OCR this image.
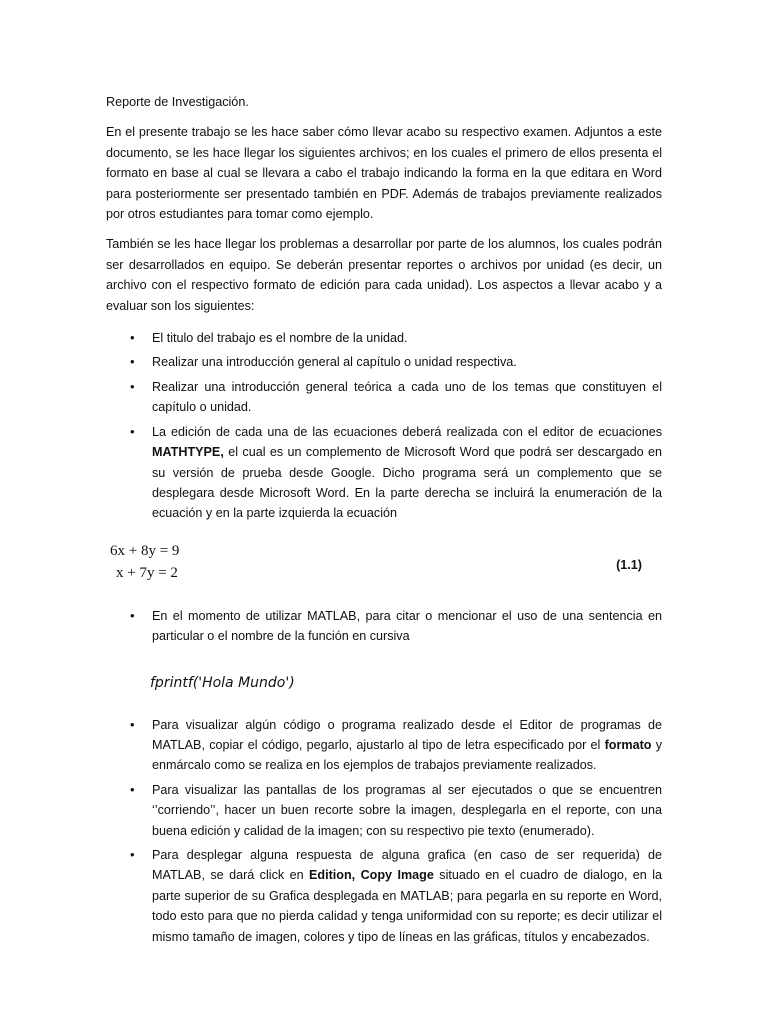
Reporte de Investigación.

En el presente trabajo se les hace saber cómo llevar acabo su respectivo examen. Adjuntos a este documento, se les hace llegar los siguientes archivos; en los cuales el primero de ellos presenta el formato en base al cual se llevara a cabo el trabajo indicando la forma en la que editara en Word para posteriormente ser presentado también en PDF. Además de trabajos previamente realizados por otros estudiantes para tomar como ejemplo.

También se les hace llegar los problemas a desarrollar por parte de los alumnos, los cuales podrán ser desarrollados en equipo. Se deberán presentar reportes o archivos por unidad (es decir, un archivo con el respectivo formato de edición para cada unidad). Los aspectos a llevar acabo y a evaluar son los siguientes:

• El titulo del trabajo es el nombre de la unidad.
• Realizar una introducción general al capítulo o unidad respectiva.
• Realizar una introducción general teórica a cada uno de los temas que constituyen el capítulo o unidad.
• La edición de cada una de las ecuaciones deberá realizada con el editor de ecuaciones MATHTYPE, el cual es un complemento de Microsoft Word que podrá ser descargado en su versión de prueba desde Google. Dicho programa será un complemento que se desplegara desde Microsoft Word. En la parte derecha se incluirá la enumeración de la ecuación y en la parte izquierda la ecuación
6x + 8y = 9
x + 7y = 2	(1.1)
• En el momento de utilizar MATLAB, para citar o mencionar el uso de una sentencia en particular o el nombre de la función en cursiva
fprintf('Hola Mundo')
• Para visualizar algún código o programa realizado desde el Editor de programas de MATLAB, copiar el código, pegarlo, ajustarlo al tipo de letra especificado por el formato y enmárcalo como se realiza en los ejemplos de trabajos previamente realizados.
• Para visualizar las pantallas de los programas al ser ejecutados o que se encuentren ‘’corriendo’’, hacer un buen recorte sobre la imagen, desplegarla en el reporte, con una buena edición y calidad de la imagen; con su respectivo pie texto (enumerado).
• Para desplegar alguna respuesta de alguna grafica (en caso de ser requerida) de MATLAB, se dará click en Edition, Copy Image situado en el cuadro de dialogo, en la parte superior de su Grafica desplegada en MATLAB; para pegarla en su reporte en Word, todo esto para que no pierda calidad y tenga uniformidad con su reporte; es decir utilizar el mismo tamaño de imagen, colores y tipo de líneas en las gráficas, títulos y encabezados.
